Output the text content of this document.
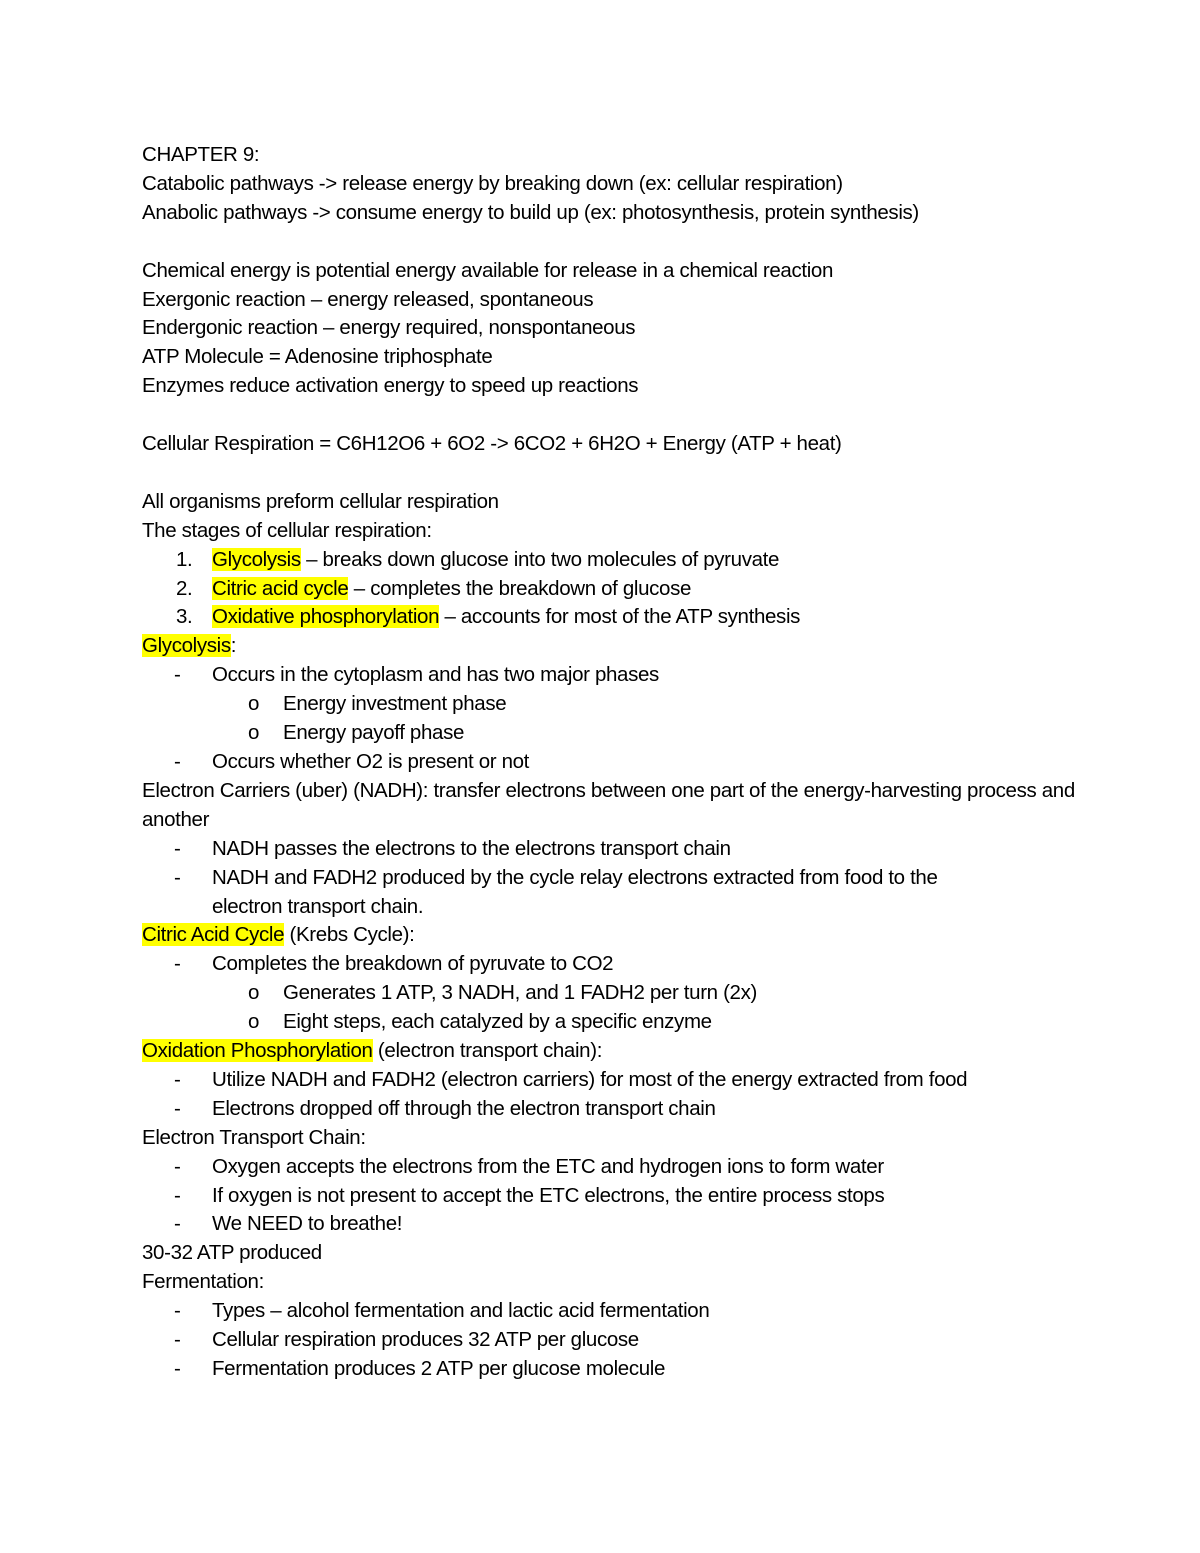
CHAPTER 9:
Catabolic pathways -> release energy by breaking down (ex: cellular respiration)
Anabolic pathways -> consume energy to build up (ex: photosynthesis, protein synthesis)
Chemical energy is potential energy available for release in a chemical reaction
Exergonic reaction – energy released, spontaneous
Endergonic reaction – energy required, nonspontaneous
ATP Molecule = Adenosine triphosphate
Enzymes reduce activation energy to speed up reactions
Cellular Respiration = C6H12O6 + 6O2 -> 6CO2 + 6H2O + Energy (ATP + heat)
All organisms preform cellular respiration
The stages of cellular respiration:
1. Glycolysis – breaks down glucose into two molecules of pyruvate
2. Citric acid cycle – completes the breakdown of glucose
3. Oxidative phosphorylation – accounts for most of the ATP synthesis
Glycolysis:
- Occurs in the cytoplasm and has two major phases
o Energy investment phase
o Energy payoff phase
- Occurs whether O2 is present or not
Electron Carriers (uber) (NADH): transfer electrons between one part of the energy-harvesting process and another
- NADH passes the electrons to the electrons transport chain
- NADH and FADH2 produced by the cycle relay electrons extracted from food to the electron transport chain.
Citric Acid Cycle (Krebs Cycle):
- Completes the breakdown of pyruvate to CO2
o Generates 1 ATP, 3 NADH, and 1 FADH2 per turn (2x)
o Eight steps, each catalyzed by a specific enzyme
Oxidation Phosphorylation (electron transport chain):
- Utilize NADH and FADH2 (electron carriers) for most of the energy extracted from food
- Electrons dropped off through the electron transport chain
Electron Transport Chain:
- Oxygen accepts the electrons from the ETC and hydrogen ions to form water
- If oxygen is not present to accept the ETC electrons, the entire process stops
- We NEED to breathe!
30-32 ATP produced
Fermentation:
- Types – alcohol fermentation and lactic acid fermentation
- Cellular respiration produces 32 ATP per glucose
- Fermentation produces 2 ATP per glucose molecule
